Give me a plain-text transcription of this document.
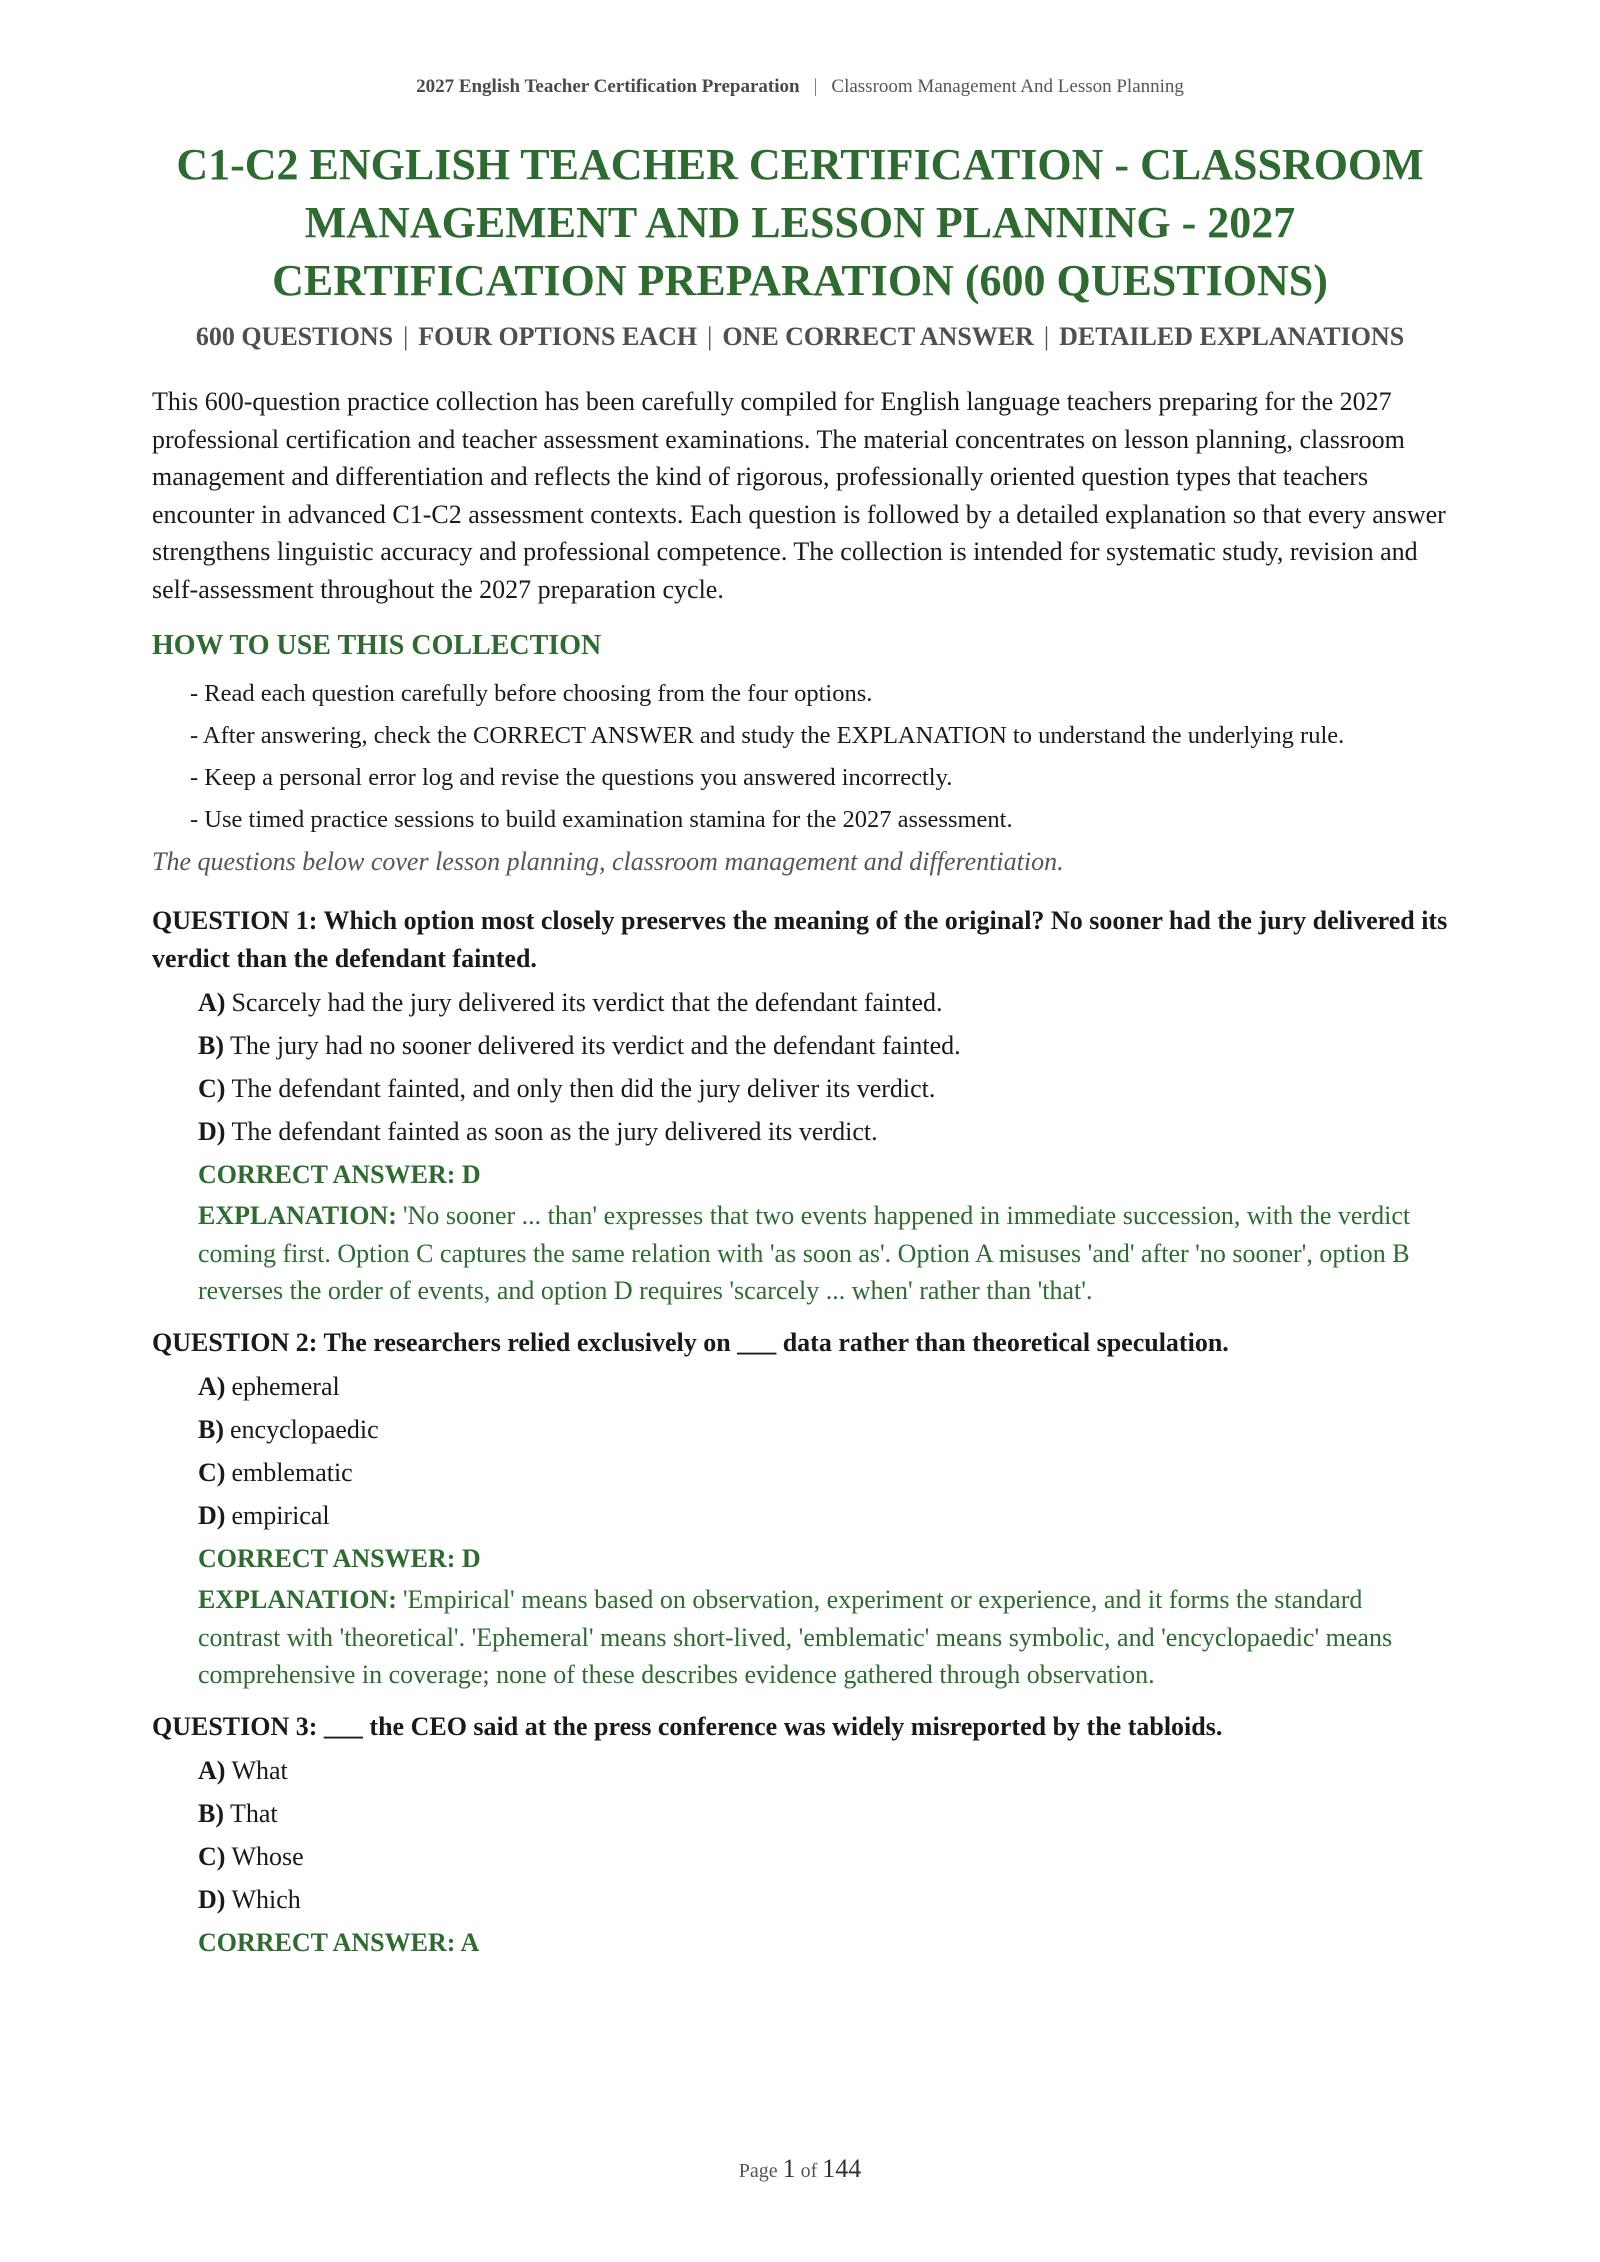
2027 English Teacher Certification Preparation | Classroom Management And Lesson Planning
C1-C2 ENGLISH TEACHER CERTIFICATION - CLASSROOM MANAGEMENT AND LESSON PLANNING - 2027 CERTIFICATION PREPARATION (600 QUESTIONS)
600 QUESTIONS | FOUR OPTIONS EACH | ONE CORRECT ANSWER | DETAILED EXPLANATIONS

This 600-question practice collection has been carefully compiled for English language teachers preparing for the 2027 professional certification and teacher assessment examinations. The material concentrates on lesson planning, classroom management and differentiation and reflects the kind of rigorous, professionally oriented question types that teachers encounter in advanced C1-C2 assessment contexts. Each question is followed by a detailed explanation so that every answer strengthens linguistic accuracy and professional competence. The collection is intended for systematic study, revision and self-assessment throughout the 2027 preparation cycle.

HOW TO USE THIS COLLECTION
- Read each question carefully before choosing from the four options.
- After answering, check the CORRECT ANSWER and study the EXPLANATION to understand the underlying rule.
- Keep a personal error log and revise the questions you answered incorrectly.
- Use timed practice sessions to build examination stamina for the 2027 assessment.
The questions below cover lesson planning, classroom management and differentiation.
QUESTION 1: Which option most closely preserves the meaning of the original? No sooner had the jury delivered its verdict than the defendant fainted.
A) Scarcely had the jury delivered its verdict that the defendant fainted.
B) The jury had no sooner delivered its verdict and the defendant fainted.
C) The defendant fainted, and only then did the jury deliver its verdict.
D) The defendant fainted as soon as the jury delivered its verdict.
CORRECT ANSWER: D
EXPLANATION: 'No sooner ... than' expresses that two events happened in immediate succession, with the verdict coming first. Option C captures the same relation with 'as soon as'. Option A misuses 'and' after 'no sooner', option B reverses the order of events, and option D requires 'scarcely ... when' rather than 'that'.
QUESTION 2: The researchers relied exclusively on ___ data rather than theoretical speculation.
A) ephemeral
B) encyclopaedic
C) emblematic
D) empirical
CORRECT ANSWER: D
EXPLANATION: 'Empirical' means based on observation, experiment or experience, and it forms the standard contrast with 'theoretical'. 'Ephemeral' means short-lived, 'emblematic' means symbolic, and 'encyclopaedic' means comprehensive in coverage; none of these describes evidence gathered through observation.
QUESTION 3: ___ the CEO said at the press conference was widely misreported by the tabloids.
A) What
B) That
C) Whose
D) Which
CORRECT ANSWER: A
Page 1 of 144
